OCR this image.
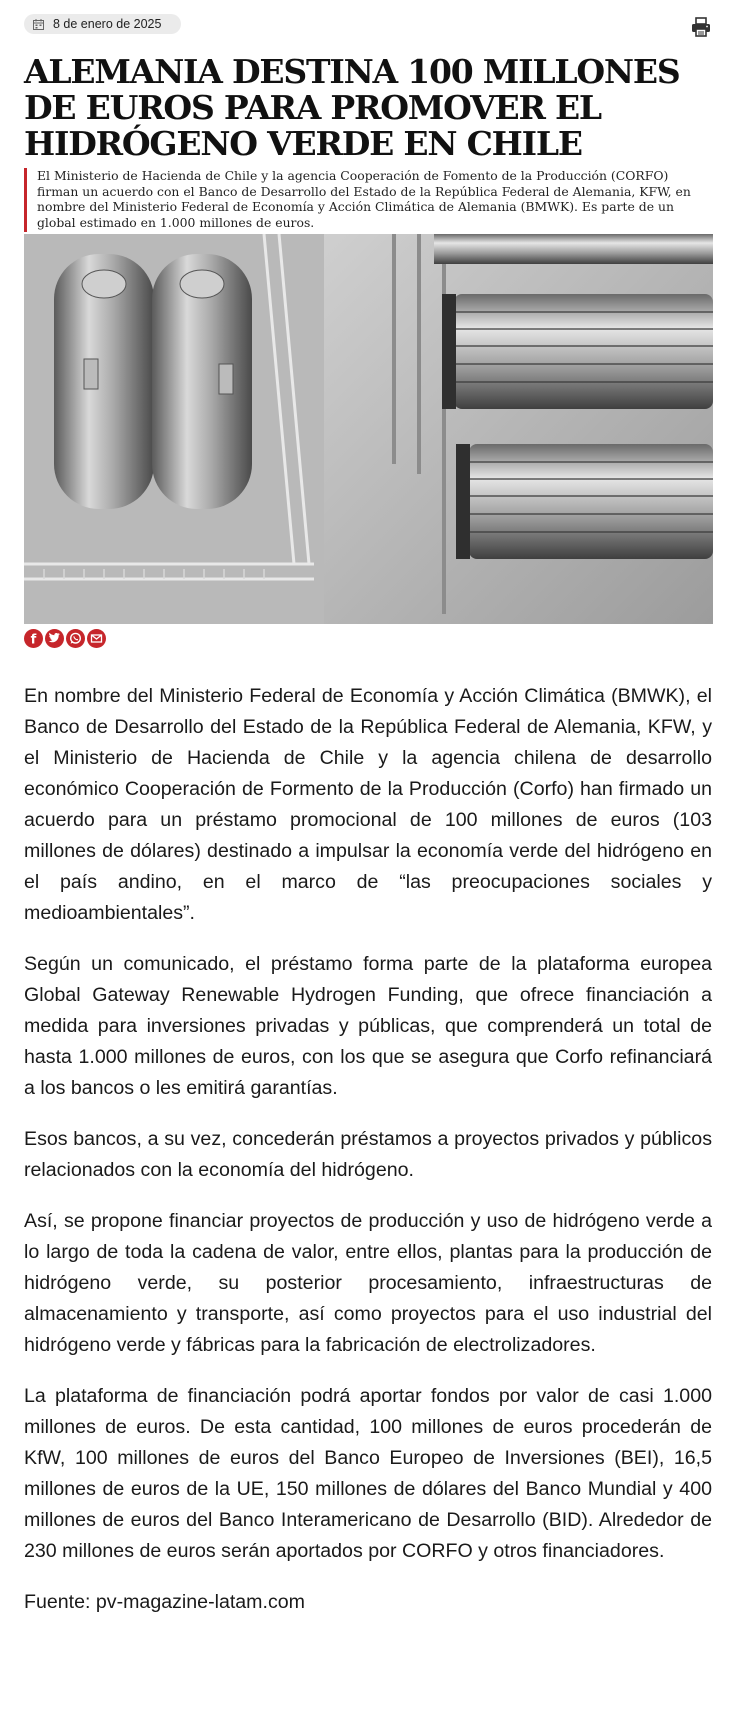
8 de enero de 2025
ALEMANIA DESTINA 100 MILLONES DE EUROS PARA PROMOVER EL HIDRÓGENO VERDE EN CHILE

El Ministerio de Hacienda de Chile y la agencia Cooperación de Fomento de la Producción (CORFO) firman un acuerdo con el Banco de Desarrollo del Estado de la República Federal de Alemania, KFW, en nombre del Ministerio Federal de Economía y Acción Climática de Alemania (BMWK). Es parte de un global estimado en 1.000 millones de euros.

f

En nombre del Ministerio Federal de Economía y Acción Climática (BMWK), el Banco de Desarrollo del Estado de la República Federal de Alemania, KFW, y el Ministerio de Hacienda de Chile y la agencia chilena de desarrollo económico Cooperación de Formento de la Producción (Corfo) han firmado un acuerdo para un préstamo promocional de 100 millones de euros (103 millones de dólares) destinado a impulsar la economía verde del hidrógeno en el país andino, en el marco de “las preocupaciones sociales y medioambientales”.

Según un comunicado, el préstamo forma parte de la plataforma europea Global Gateway Renewable Hydrogen Funding, que ofrece financiación a medida para inversiones privadas y públicas, que comprenderá un total de hasta 1.000 millones de euros, con los que se asegura que Corfo refinanciará a los bancos o les emitirá garantías.

Esos bancos, a su vez, concederán préstamos a proyectos privados y públicos relacionados con la economía del hidrógeno.

Así, se propone financiar proyectos de producción y uso de hidrógeno verde a lo largo de toda la cadena de valor, entre ellos, plantas para la producción de hidrógeno verde, su posterior procesamiento, infraestructuras de almacenamiento y transporte, así como proyectos para el uso industrial del hidrógeno verde y fábricas para la fabricación de electrolizadores.

La plataforma de financiación podrá aportar fondos por valor de casi 1.000 millones de euros. De esta cantidad, 100 millones de euros procederán de KfW, 100 millones de euros del Banco Europeo de Inversiones (BEI), 16,5 millones de euros de la UE, 150 millones de dólares del Banco Mundial y 400 millones de euros del Banco Interamericano de Desarrollo (BID). Alrededor de 230 millones de euros serán aportados por CORFO y otros financiadores.

Fuente: pv-magazine-latam.com
